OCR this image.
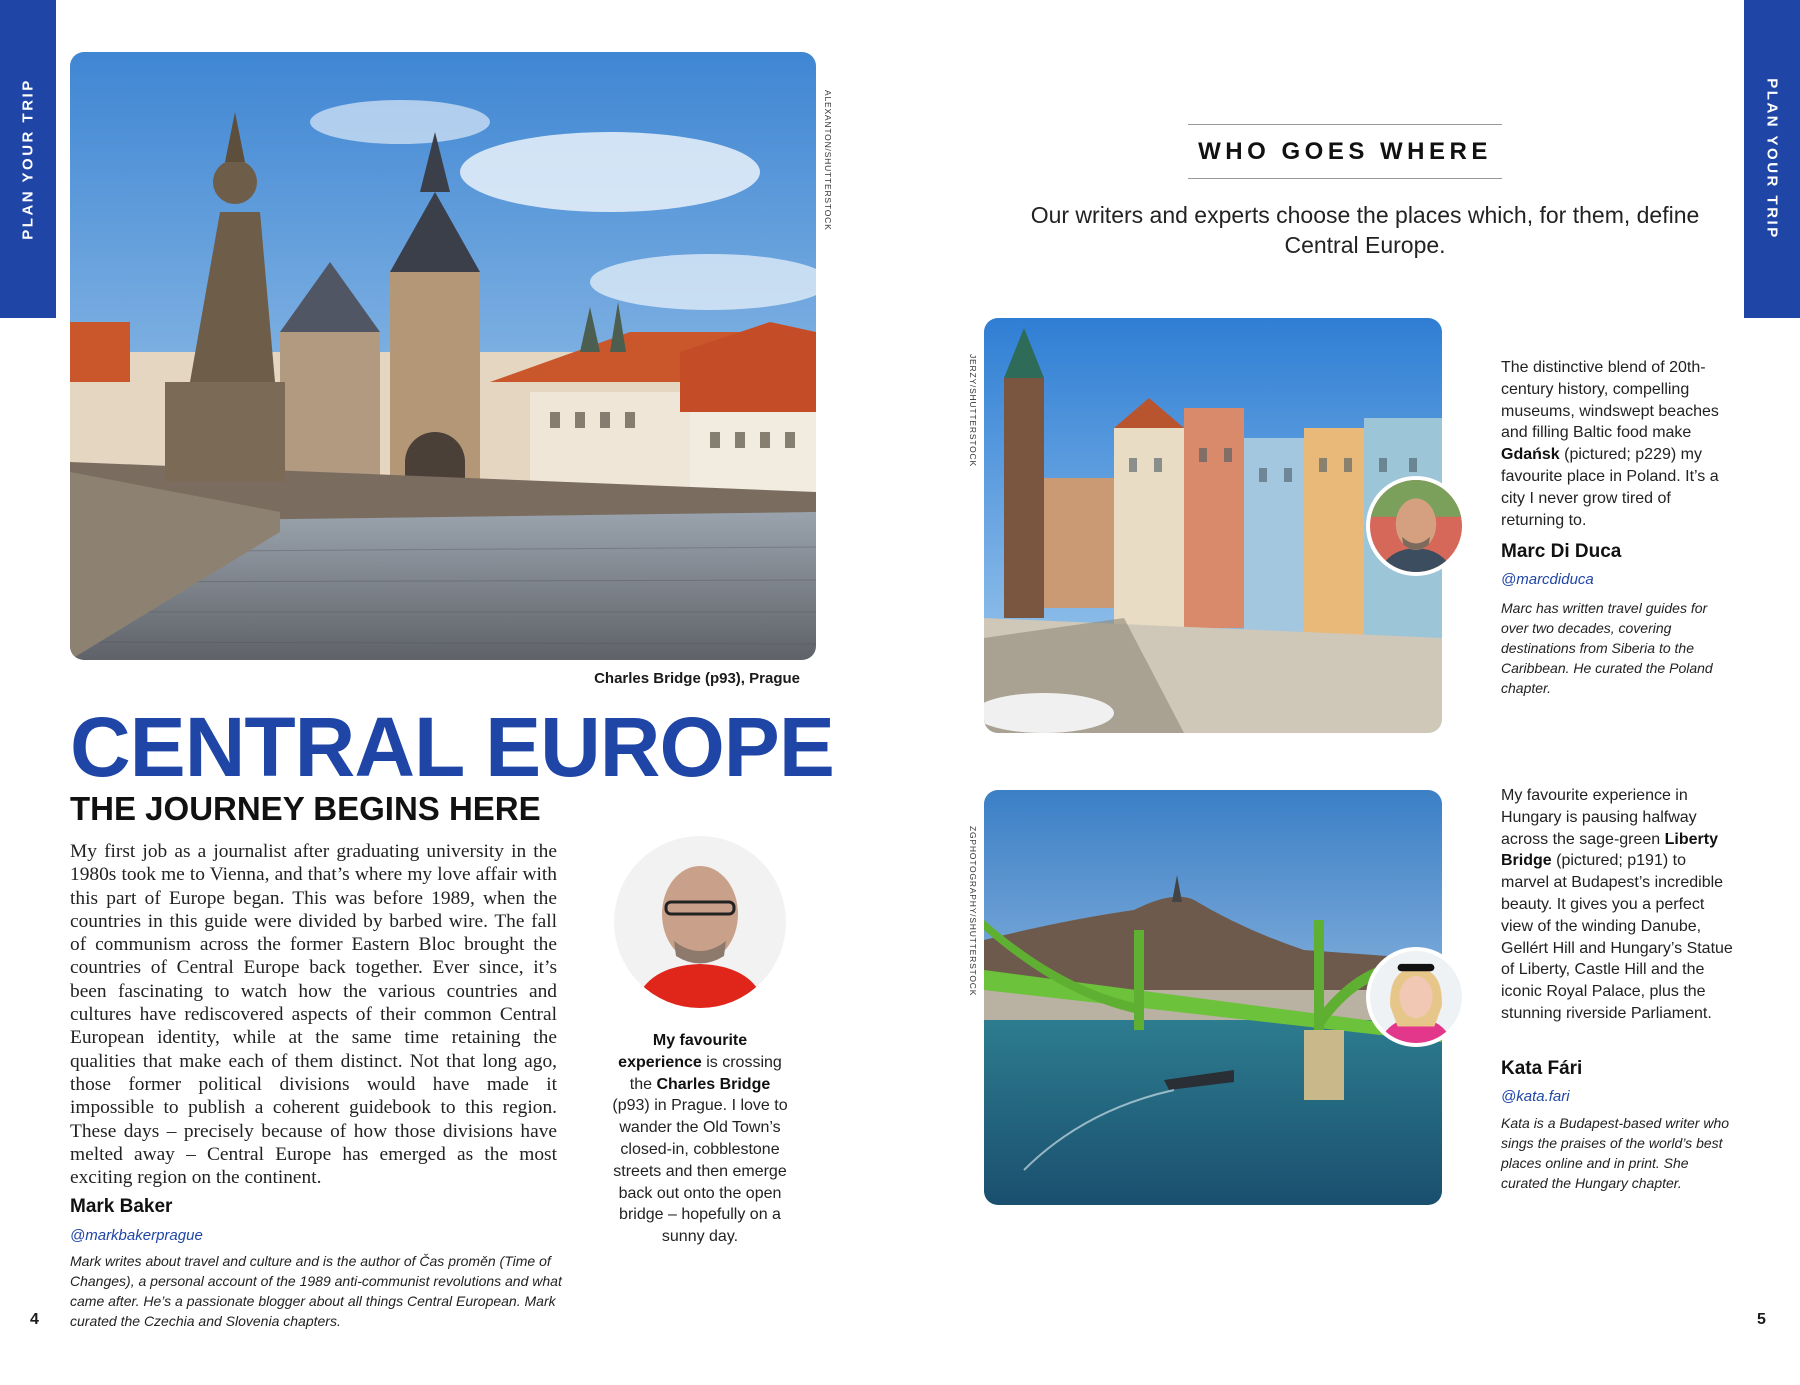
PLAN YOUR TRIP	PLAN YOUR TRIP
4	5
ALEXANTON/SHUTTERSTOCK
Charles Bridge (p93), Prague
CENTRAL EUROPE
THE JOURNEY BEGINS HERE

My first job as a journalist after graduating university in the 1980s took me to Vienna, and that’s where my love affair with this part of Europe began. This was before 1989, when the countries in this guide were divided by barbed wire. The fall of communism across the former Eastern Bloc brought the countries of Central Europe back together. Ever since, it’s been fascinating to watch how the various countries and cultures have rediscovered aspects of their common Central European identity, while at the same time retaining the qualities that make each of them distinct. Not that long ago, those former political divisions would have made it impossible to publish a coherent guidebook to this region. These days – precisely because of how those divisions have melted away – Central Europe has emerged as the most exciting region on the continent.

Mark Baker
@markbakerprague

Mark writes about travel and culture and is the author of Čas proměn (Time of Changes), a personal account of the 1989 anti-communist revolutions and what came after. He’s a passionate blogger about all things Central European. Mark curated the Czechia and Slovenia chapters.

My favourite experience is crossing the Charles Bridge (p93) in Prague. I love to wander the Old Town’s closed-in, cobblestone streets and then emerge back out onto the open bridge – hopefully on a sunny day.

WHO GOES WHERE

Our writers and experts choose the places which, for them, define Central Europe.

JERZY/SHUTTERSTOCK	The distinctive blend of 20th-century history, compelling museums, windswept beaches and filling Baltic food make Gdańsk (pictured; p229) my favourite place in Poland. It’s a city I never grow tired of returning to.

Marc Di Duca
@marcdiduca

Marc has written travel guides for over two decades, covering destinations from Siberia to the Caribbean. He curated the Poland chapter.

ZGPHOTOGRAPHY/SHUTTERSTOCK

My favourite experience in Hungary is pausing halfway across the sage-green Liberty Bridge (pictured; p191) to marvel at Budapest’s incredible beauty. It gives you a perfect view of the winding Danube, Gellért Hill and Hungary’s Statue of Liberty, Castle Hill and the iconic Royal Palace, plus the stunning riverside Parliament.

Kata Fári
@kata.fari

Kata is a Budapest-based writer who sings the praises of the world’s best places online and in print. She curated the Hungary chapter.
